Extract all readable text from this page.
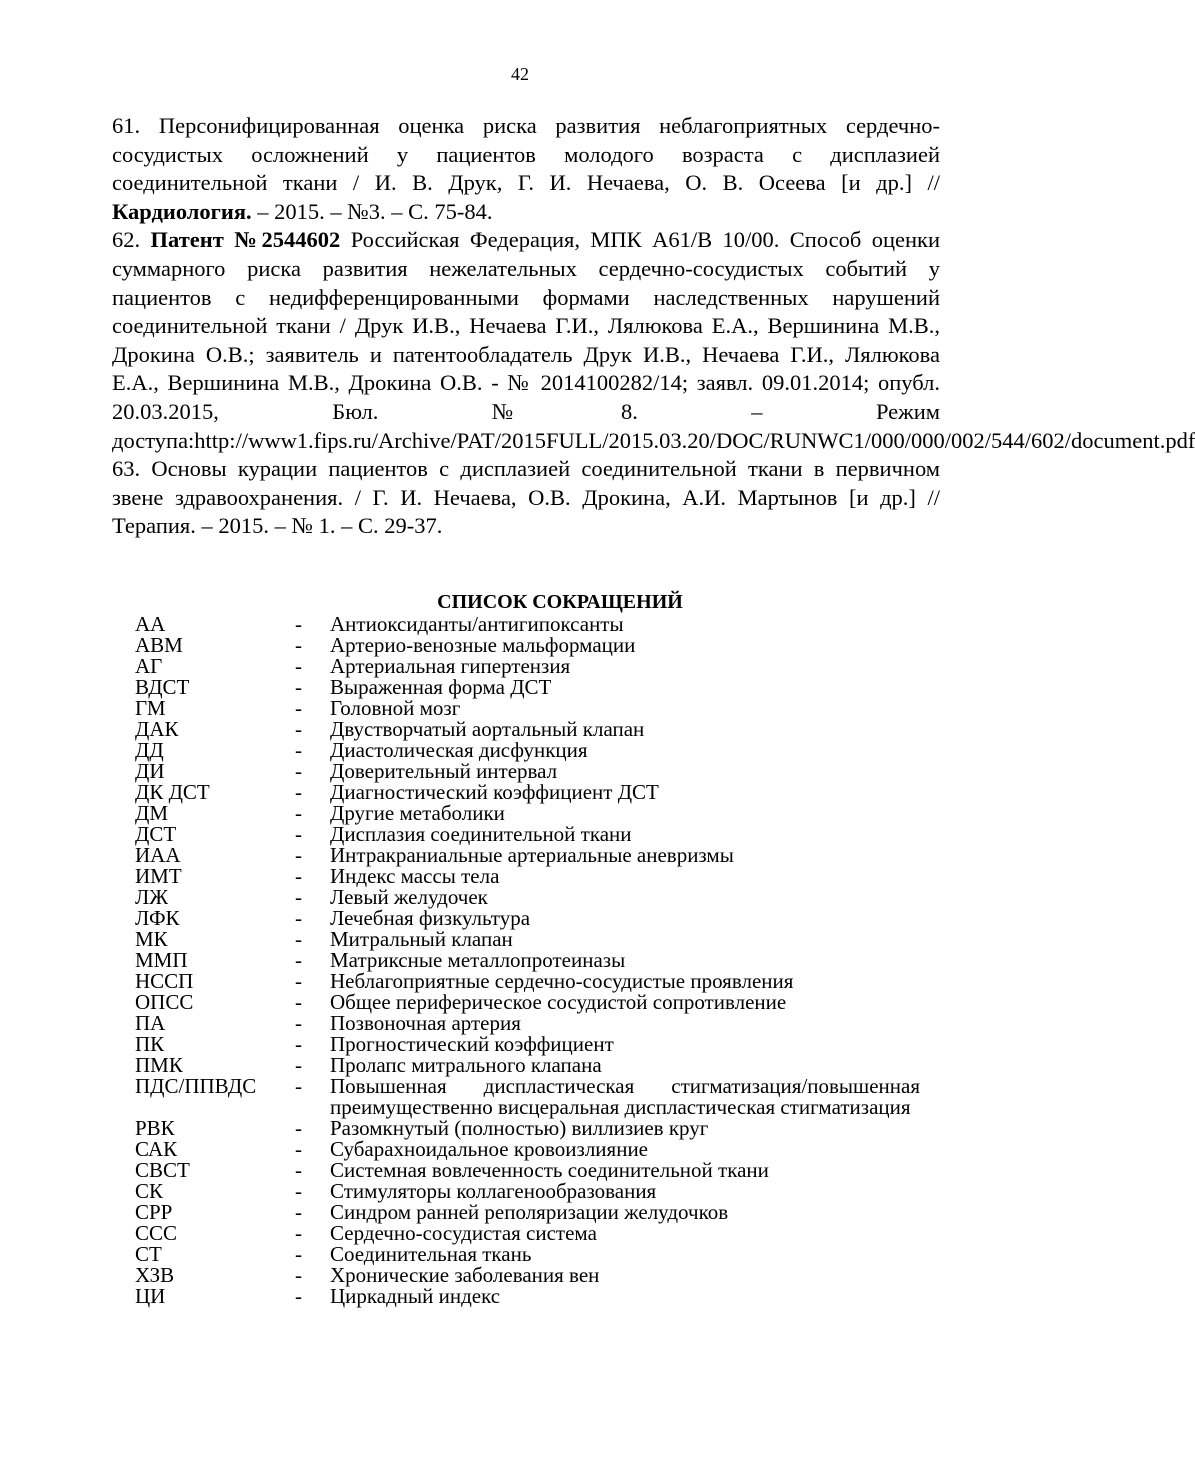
42

61. Персонифицированная оценка риска развития неблагоприятных сердечно-сосудистых осложнений у пациентов молодого возраста с дисплазией соединительной ткани / И. В. Друк, Г. И. Нечаева, О. В. Осеева [и др.] // Кардиология. – 2015. – №3. – С. 75-84.

62. Патент №2544602 Российская Федерация, МПК A61/B 10/00. Способ оценки суммарного риска развития нежелательных сердечно-сосудистых событий у пациентов с недифференцированными формами наследственных нарушений соединительной ткани / Друк И.В., Нечаева Г.И., Лялюкова Е.А., Вершинина М.В., Дрокина О.В.; заявитель и патентообладатель Друк И.В., Нечаева Г.И., Лялюкова Е.А., Вершинина М.В., Дрокина О.В. - № 2014100282/14; заявл. 09.01.2014; опубл. 20.03.2015, Бюл. №8. – Режим доступа:http://www1.fips.ru/Archive/PAT/2015FULL/2015.03.20/DOC/RUNWC1/000/000/002/544/602/document.pdf

63. Основы курации пациентов с дисплазией соединительной ткани в первичном звене здравоохранения. / Г. И. Нечаева, О.В. Дрокина, А.И. Мартынов [и др.] // Терапия. – 2015. – № 1. – С. 29-37.

СПИСОК СОКРАЩЕНИЙ
АА	-	Антиоксиданты/антигипоксанты
АВМ	-	Артерио-венозные мальформации
АГ	-	Артериальная гипертензия
ВДСТ	-	Выраженная форма ДСТ
ГМ	-	Головной мозг
ДАК	-	Двустворчатый аортальный клапан
ДД	-	Диастолическая дисфункция
ДИ	-	Доверительный интервал
ДК ДСТ	-	Диагностический коэффициент ДСТ
ДМ	-	Другие метаболики
ДСТ	-	Дисплазия соединительной ткани
ИАА	-	Интракраниальные артериальные аневризмы
ИМТ	-	Индекс массы тела
ЛЖ	-	Левый желудочек
ЛФК	-	Лечебная физкультура
МК	-	Митральный клапан
ММП	-	Матриксные металлопротеиназы
НССП	-	Неблагоприятные сердечно-сосудистые проявления
ОПСС	-	Общее периферическое сосудистой сопротивление
ПА	-	Позвоночная артерия
ПК	-	Прогностический коэффициент
ПМК	-	Пролапс митрального клапана
ПДС/ППВДС	-	Повышенная диспластическая стигматизация/повышенная преимущественно висцеральная диспластическая стигматизация
РВК	-	Разомкнутый (полностью) виллизиев круг
САК	-	Субарахноидальное кровоизлияние
СВСТ	-	Системная вовлеченность соединительной ткани
СК	-	Стимуляторы коллагенообразования
СРР	-	Синдром ранней реполяризации желудочков
ССС	-	Сердечно-сосудистая система
СТ	-	Соединительная ткань
ХЗВ	-	Хронические заболевания вен
ЦИ	-	Циркадный индекс
